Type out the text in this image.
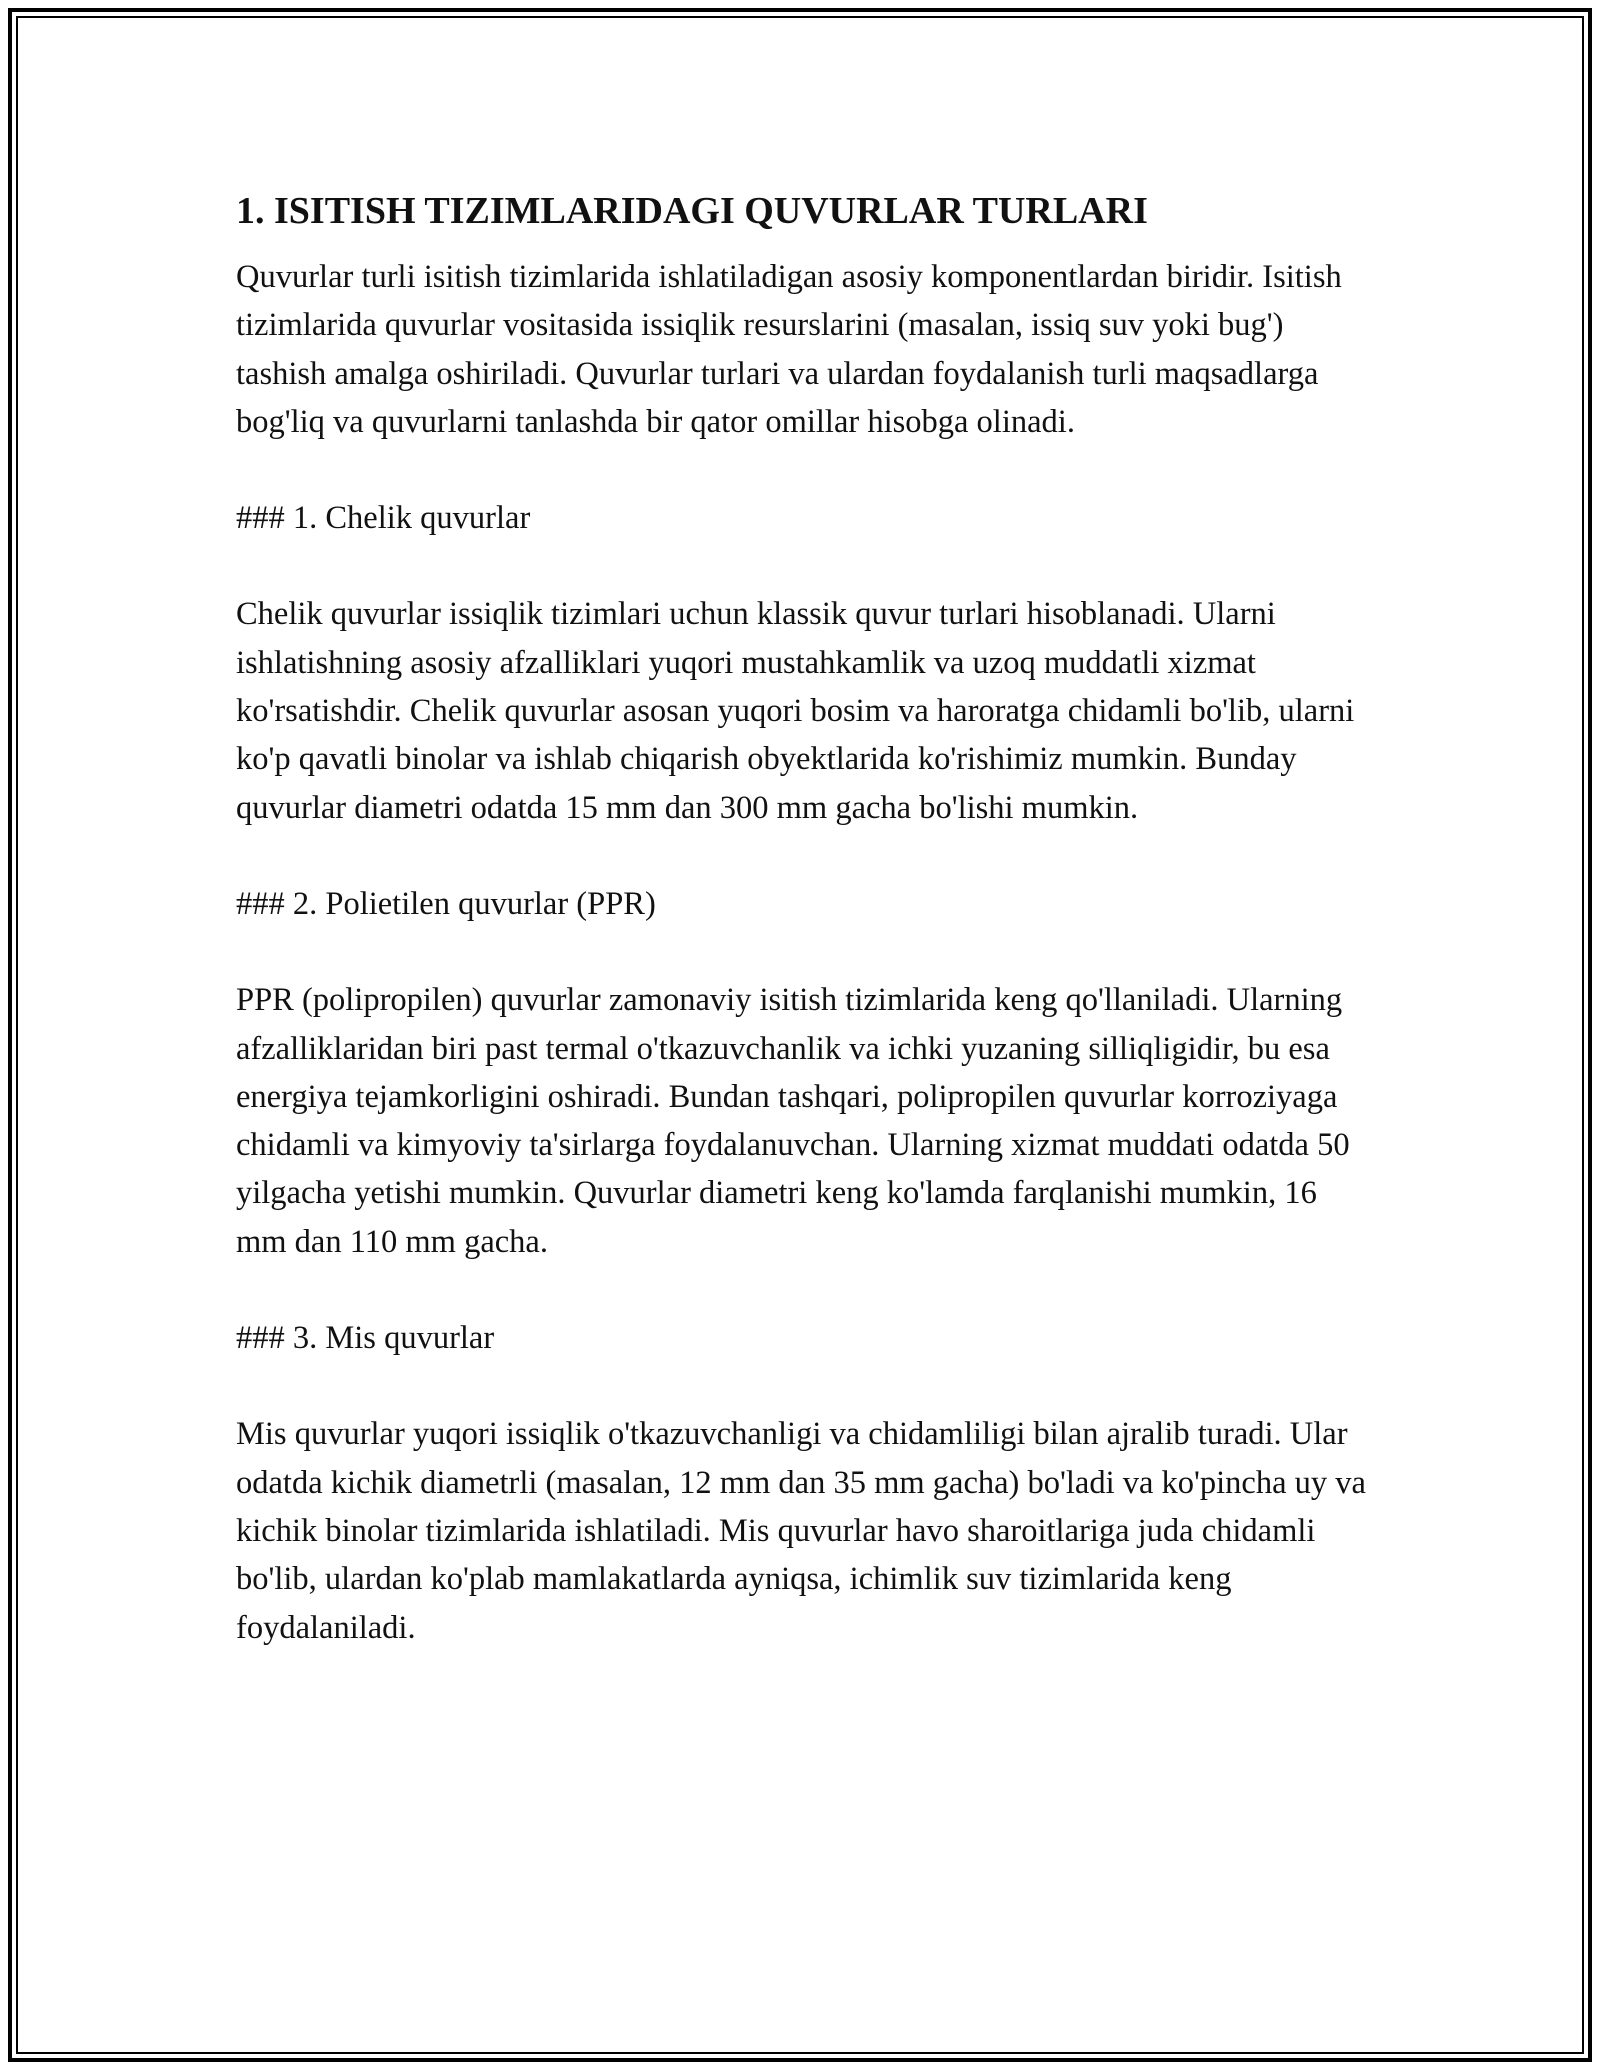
1. ISITISH TIZIMLARIDAGI QUVURLAR TURLARI

Quvurlar turli isitish tizimlarida ishlatiladigan asosiy komponentlardan biridir. Isitish tizimlarida quvurlar vositasida issiqlik resurslarini (masalan, issiq suv yoki bug') tashish amalga oshiriladi. Quvurlar turlari va ulardan foydalanish turli maqsadlarga bog'liq va quvurlarni tanlashda bir qator omillar hisobga olinadi.

### 1. Chelik quvurlar

Chelik quvurlar issiqlik tizimlari uchun klassik quvur turlari hisoblanadi. Ularni ishlatishning asosiy afzalliklari yuqori mustahkamlik va uzoq muddatli xizmat ko'rsatishdir. Chelik quvurlar asosan yuqori bosim va haroratga chidamli bo'lib, ularni ko'p qavatli binolar va ishlab chiqarish obyektlarida ko'rishimiz mumkin. Bunday quvurlar diametri odatda 15 mm dan 300 mm gacha bo'lishi mumkin.

### 2. Polietilen quvurlar (PPR)

PPR (polipropilen) quvurlar zamonaviy isitish tizimlarida keng qo'llaniladi. Ularning afzalliklaridan biri past termal o'tkazuvchanlik va ichki yuzaning silliqligidir, bu esa energiya tejamkorligini oshiradi. Bundan tashqari, polipropilen quvurlar korroziyaga chidamli va kimyoviy ta'sirlarga foydalanuvchan. Ularning xizmat muddati odatda 50 yilgacha yetishi mumkin. Quvurlar diametri keng ko'lamda farqlanishi mumkin, 16 mm dan 110 mm gacha.

### 3. Mis quvurlar

Mis quvurlar yuqori issiqlik o'tkazuvchanligi va chidamliligi bilan ajralib turadi. Ular odatda kichik diametrli (masalan, 12 mm dan 35 mm gacha) bo'ladi va ko'pincha uy va kichik binolar tizimlarida ishlatiladi. Mis quvurlar havo sharoitlariga juda chidamli bo'lib, ulardan ko'plab mamlakatlarda ayniqsa, ichimlik suv tizimlarida keng foydalaniladi.
